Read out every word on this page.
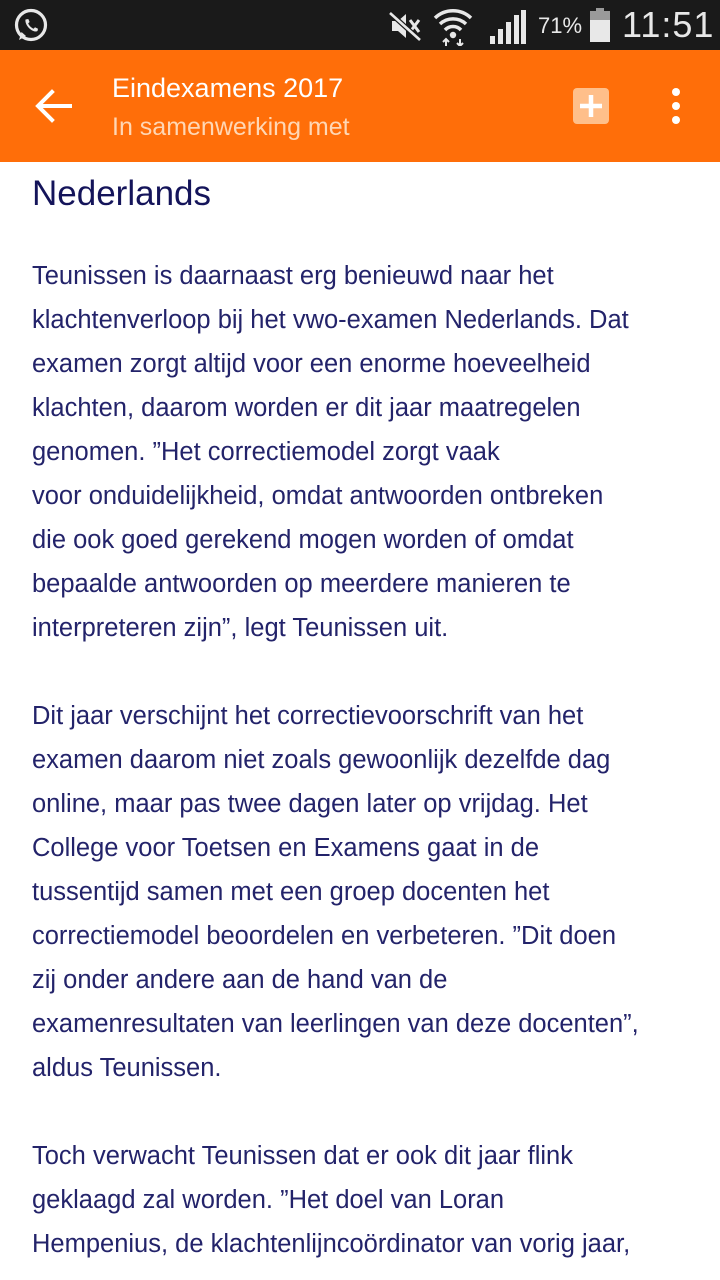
71% 11:51
Eindexamens 2017
In samenwerking met
Nederlands
Teunissen is daarnaast erg benieuwd naar het
klachtenverloop bij het vwo-examen Nederlands. Dat
examen zorgt altijd voor een enorme hoeveelheid
klachten, daarom worden er dit jaar maatregelen
genomen. ”Het correctiemodel zorgt vaak
voor onduidelijkheid, omdat antwoorden ontbreken
die ook goed gerekend mogen worden of omdat
bepaalde antwoorden op meerdere manieren te
interpreteren zijn”, legt Teunissen uit.
Dit jaar verschijnt het correctievoorschrift van het
examen daarom niet zoals gewoonlijk dezelfde dag
online, maar pas twee dagen later op vrijdag. Het
College voor Toetsen en Examens gaat in de
tussentijd samen met een groep docenten het
correctiemodel beoordelen en verbeteren. ”Dit doen
zij onder andere aan de hand van de
examenresultaten van leerlingen van deze docenten”,
aldus Teunissen.
Toch verwacht Teunissen dat er ook dit jaar flink
geklaagd zal worden. ”Het doel van Loran
Hempenius, de klachtenlijncoördinator van vorig jaar,
